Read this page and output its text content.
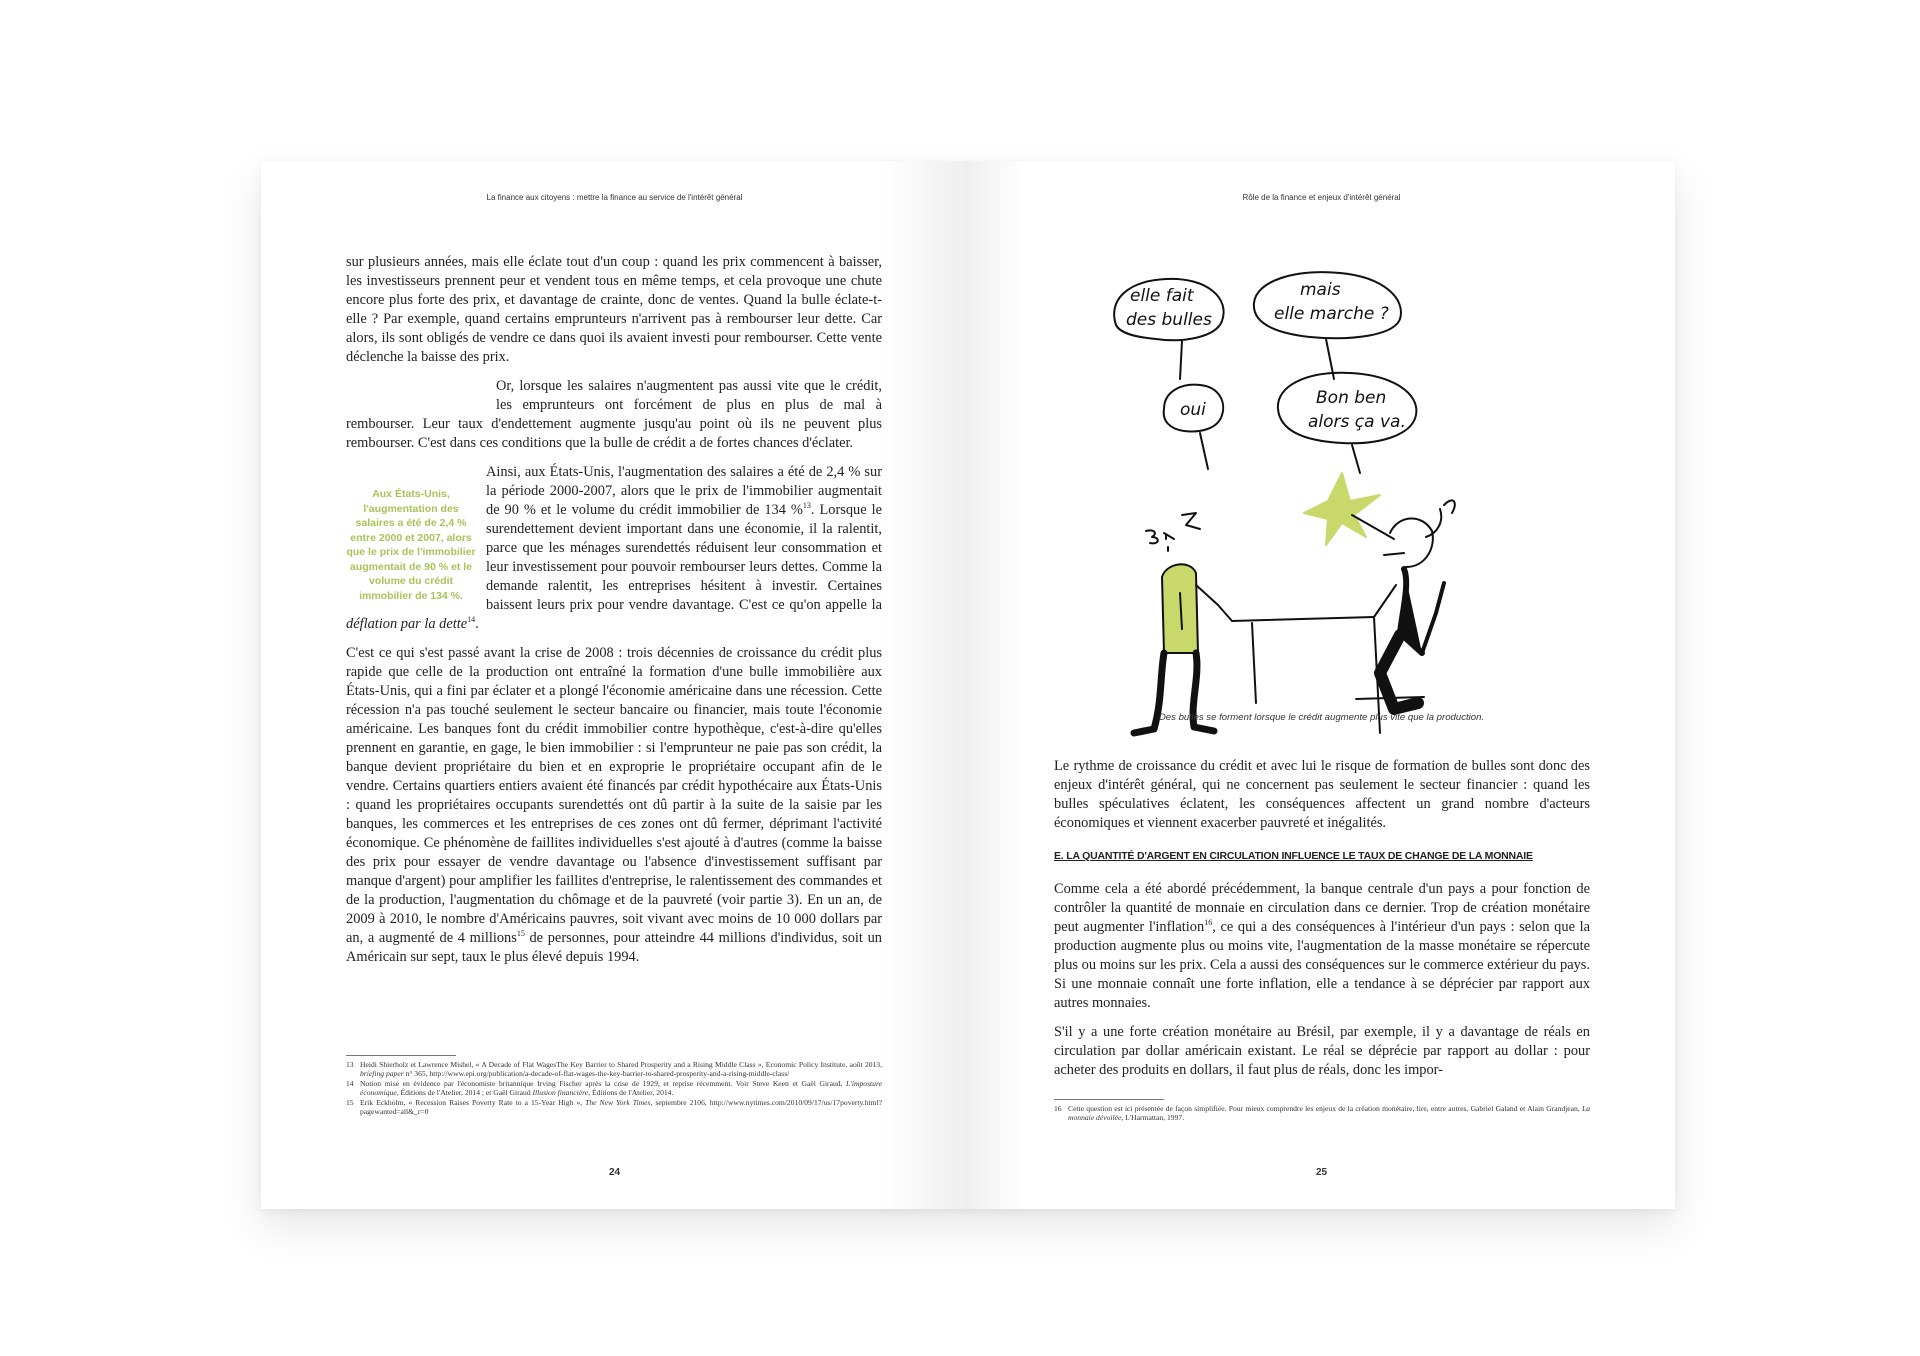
La finance aux citoyens : mettre la finance au service de l'intérêt général

sur plusieurs années, mais elle éclate tout d'un coup : quand les prix commencent à baisser, les investisseurs prennent peur et vendent tous en même temps, et cela provoque une chute encore plus forte des prix, et davantage de crainte, donc de ventes. Quand la bulle éclate-t-elle ? Par exemple, quand certains emprunteurs n'arrivent pas à rembourser leur dette. Car alors, ils sont obligés de vendre ce dans quoi ils avaient investi pour rembourser. Cette vente déclenche la baisse des prix.

Or, lorsque les salaires n'augmentent pas aussi vite que le crédit, les emprunteurs ont forcément de plus en plus de mal à rembourser. Leur taux d'endettement augmente jusqu'au point où ils ne peuvent plus rembourser. C'est dans ces conditions que la bulle de crédit a de fortes chances d'éclater.

Aux États-Unis, l'augmentation des salaires a été de 2,4 % entre 2000 et 2007, alors que le prix de l'immobilier augmentait de 90 % et le volume du crédit immobilier de 134 %.

Ainsi, aux États-Unis, l'augmentation des salaires a été de 2,4 % sur la période 2000-2007, alors que le prix de l'immobilier augmentait de 90 % et le volume du crédit immobilier de 134 %$^{13}$. Lorsque le surendettement devient important dans une économie, il la ralentit, parce que les ménages surendettés réduisent leur consommation et leur investissement pour pouvoir rembourser leurs dettes. Comme la demande ralentit, les entreprises hésitent à investir. Certaines baissent leurs prix pour vendre davantage. C'est ce qu'on appelle la déflation par la dette$^{14}$.

C'est ce qui s'est passé avant la crise de 2008 : trois décennies de croissance du crédit plus rapide que celle de la production ont entraîné la formation d'une bulle immobilière aux États-Unis, qui a fini par éclater et a plongé l'économie américaine dans une récession. Cette récession n'a pas touché seulement le secteur bancaire ou financier, mais toute l'économie américaine. Les banques font du crédit immobilier contre hypothèque, c'est-à-dire qu'elles prennent en garantie, en gage, le bien immobilier : si l'emprunteur ne paie pas son crédit, la banque devient propriétaire du bien et en exproprie le propriétaire occupant afin de le vendre. Certains quartiers entiers avaient été financés par crédit hypothécaire aux États-Unis : quand les propriétaires occupants surendettés ont dû partir à la suite de la saisie par les banques, les commerces et les entreprises de ces zones ont dû fermer, déprimant l'activité économique. Ce phénomène de faillites individuelles s'est ajouté à d'autres (comme la baisse des prix pour essayer de vendre davantage ou l'absence d'investissement suffisant par manque d'argent) pour amplifier les faillites d'entreprise, le ralentissement des commandes et de la production, l'augmentation du chômage et de la pauvreté (voir partie 3). En un an, de 2009 à 2010, le nombre d'Américains pauvres, soit vivant avec moins de 10 000 dollars par an, a augmenté de 4 millions$^{15}$ de personnes, pour atteindre 44 millions d'individus, soit un Américain sur sept, taux le plus élevé depuis 1994.

13 Heidi Shierholz et Lawrence Mishel, « A Decade of Flat WagesThe Key Barrier to Shared Prosperity and a Rising Middle Class », Economic Policy Institute, août 2013, briefing paper n° 365, http://www.epi.org/publication/a-decade-of-flat-wages-the-key-barrier-to-shared-prosperity-and-a-rising-middle-class/
14 Notion mise en évidence par l'économiste britannique Irving Fischer après la crise de 1929, et reprise récemment. Voir Steve Keen et Gaël Giraud, L'imposture économique, Éditions de l'Atelier, 2014 ; et Gaël Giraud Illusion financière, Éditions de l'Atelier, 2014.
15 Erik Eckholm, « Recession Raises Poverty Rate to a 15-Year High », The New York Times, septembre 2106, http://www.nytimes.com/2010/09/17/us/17poverty.html?pagewanted=all&_r=0
24
Rôle de la finance et enjeux d'intérêt général
elle fait
des bulles
mais
elle marche ?
oui
Bon ben
alors ça va.
Des bulles se forment lorsque le crédit augmente plus vite que la production.

Le rythme de croissance du crédit et avec lui le risque de formation de bulles sont donc des enjeux d'intérêt général, qui ne concernent pas seulement le secteur financier : quand les bulles spéculatives éclatent, les conséquences affectent un grand nombre d'acteurs économiques et viennent exacerber pauvreté et inégalités.

E. LA QUANTITÉ D'ARGENT EN CIRCULATION INFLUENCE LE TAUX DE CHANGE DE LA MONNAIE

Comme cela a été abordé précédemment, la banque centrale d'un pays a pour fonction de contrôler la quantité de monnaie en circulation dans ce dernier. Trop de création monétaire peut augmenter l'inflation$^{16}$, ce qui a des conséquences à l'intérieur d'un pays : selon que la production augmente plus ou moins vite, l'augmentation de la masse monétaire se répercute plus ou moins sur les prix. Cela a aussi des conséquences sur le commerce extérieur du pays. Si une monnaie connaît une forte inflation, elle a tendance à se déprécier par rapport aux autres monnaies.

S'il y a une forte création monétaire au Brésil, par exemple, il y a davantage de réals en circulation par dollar américain existant. Le réal se déprécie par rapport au dollar : pour acheter des produits en dollars, il faut plus de réals, donc les impor-

16 Cette question est ici présentée de façon simplifiée. Pour mieux comprendre les enjeux de la création monétaire, lire, entre autres, Gabriel Galand et Alain Grandjean, La monnaie dévoilée, L'Harmattan, 1997.
25
